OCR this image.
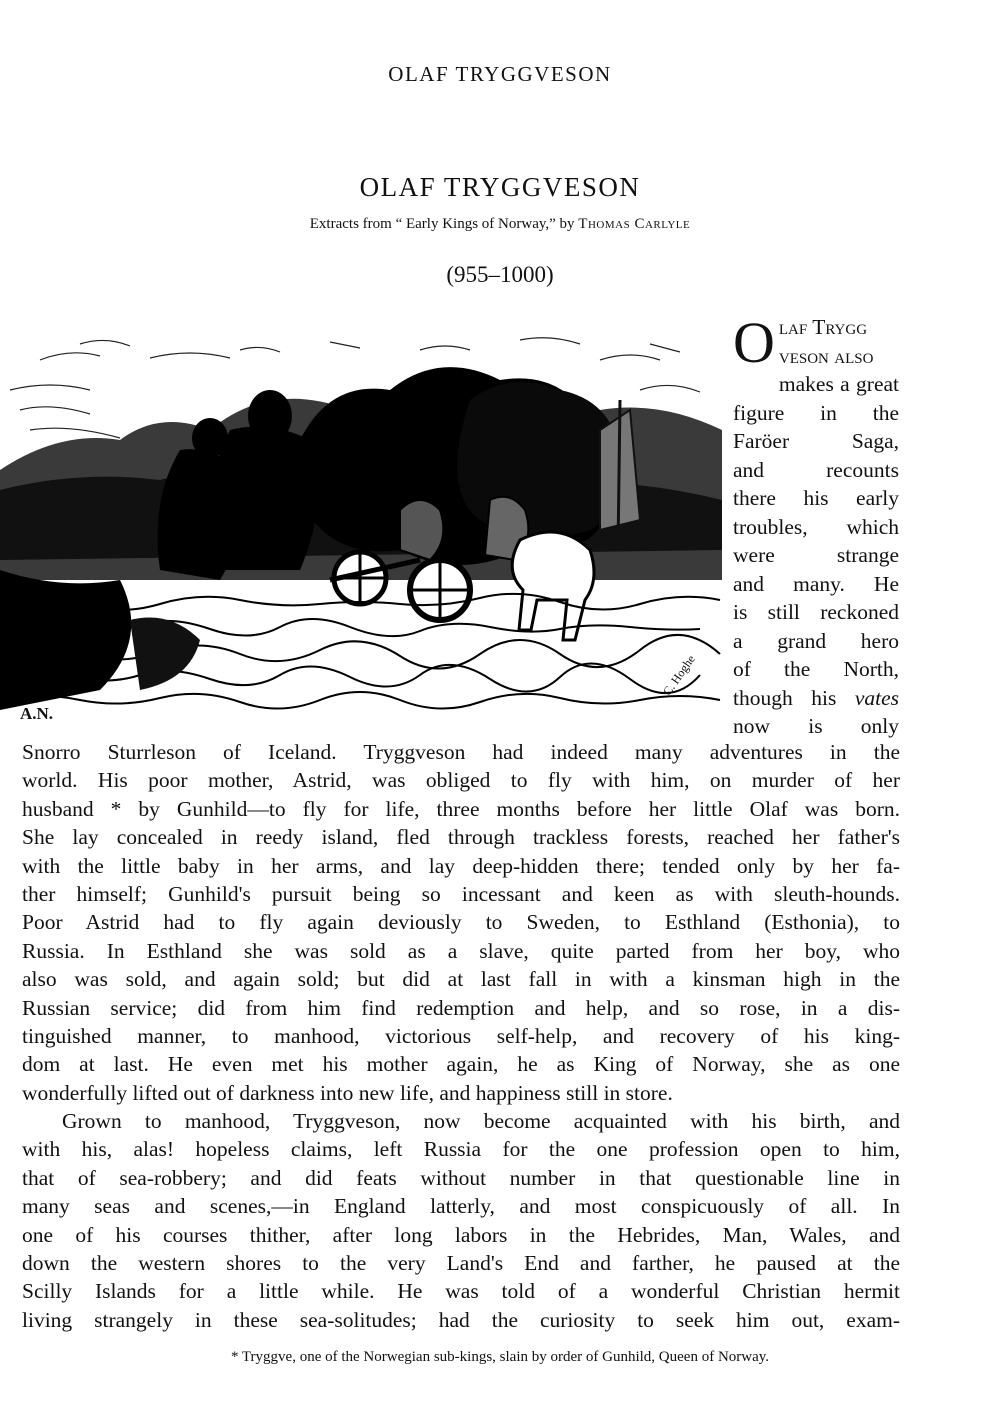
OLAF TRYGGVESON
OLAF TRYGGVESON
Extracts from “ Early Kings of Norway,” by Thomas Carlyle
(955–1000)
A.N.
C. Hoghe
O laf Trygg
veson also
makes a great
figure in the
Faröer Saga,
and recounts
there his early
troubles, which
were strange
and many. He
is still reckoned
a grand hero
of the North,
though his vates
now is only
Snorro Sturrleson of Iceland. Tryggveson had indeed many adventures in the
world. His poor mother, Astrid, was obliged to fly with him, on murder of her
husband * by Gunhild—to fly for life, three months before her little Olaf was born.
She lay concealed in reedy island, fled through trackless forests, reached her father's
with the little baby in her arms, and lay deep-hidden there; tended only by her fa-
ther himself; Gunhild's pursuit being so incessant and keen as with sleuth-hounds.
Poor Astrid had to fly again deviously to Sweden, to Esthland (Esthonia), to
Russia. In Esthland she was sold as a slave, quite parted from her boy, who
also was sold, and again sold; but did at last fall in with a kinsman high in the
Russian service; did from him find redemption and help, and so rose, in a dis-
tinguished manner, to manhood, victorious self-help, and recovery of his king-
dom at last. He even met his mother again, he as King of Norway, she as one
wonderfully lifted out of darkness into new life, and happiness still in store.
Grown to manhood, Tryggveson, now become acquainted with his birth, and
with his, alas! hopeless claims, left Russia for the one profession open to him,
that of sea-robbery; and did feats without number in that questionable line in
many seas and scenes,—in England latterly, and most conspicuously of all. In
one of his courses thither, after long labors in the Hebrides, Man, Wales, and
down the western shores to the very Land's End and farther, he paused at the
Scilly Islands for a little while. He was told of a wonderful Christian hermit
living strangely in these sea-solitudes; had the curiosity to seek him out, exam-
* Tryggve, one of the Norwegian sub-kings, slain by order of Gunhild, Queen of Norway.
